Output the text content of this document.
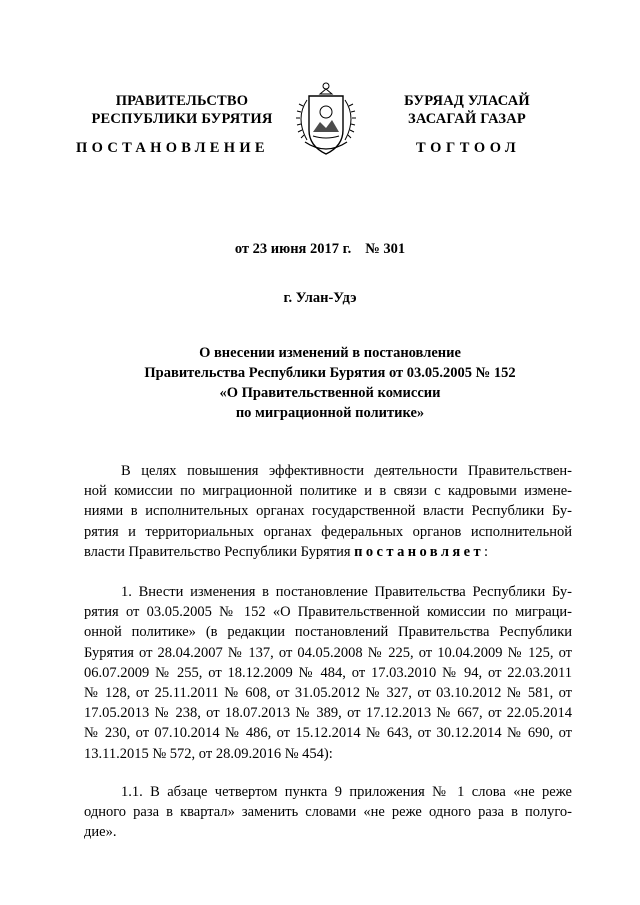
ПРАВИТЕЛЬСТВО
РЕСПУБЛИКИ БУРЯТИЯ
БУРЯАД УЛАСАЙ
ЗАСАГАЙ ГАЗАР
ПОСТАНОВЛЕНИЕ	ТОГТООЛ
от 23 июня 2017 г. № 301
г. Улан-Удэ
О внесении изменений в постановление
Правительства Республики Бурятия от 03.05.2005 № 152
«О Правительственной комиссии
по миграционной политике»
В целях повышения эффективности деятельности Правительствен-
ной комиссии по миграционной политике и в связи с кадровыми измене-
ниями в исполнительных органах государственной власти Республики Бу-
рятия и территориальных органах федеральных органов исполнительной
власти Правительство Республики Бурятия постановляет:
1. Внести изменения в постановление Правительства Республики Бу-
рятия от 03.05.2005 № 152 «О Правительственной комиссии по миграци-
онной политике» (в редакции постановлений Правительства Республики
Бурятия от 28.04.2007 № 137, от 04.05.2008 № 225, от 10.04.2009 № 125, от
06.07.2009 № 255, от 18.12.2009 № 484, от 17.03.2010 № 94, от 22.03.2011
№ 128, от 25.11.2011 № 608, от 31.05.2012 № 327, от 03.10.2012 № 581, от
17.05.2013 № 238, от 18.07.2013 № 389, от 17.12.2013 № 667, от 22.05.2014
№ 230, от 07.10.2014 № 486, от 15.12.2014 № 643, от 30.12.2014 № 690, от
13.11.2015 № 572, от 28.09.2016 № 454):
1.1. В абзаце четвертом пункта 9 приложения № 1 слова «не реже
одного раза в квартал» заменить словами «не реже одного раза в полуго-
дие».
